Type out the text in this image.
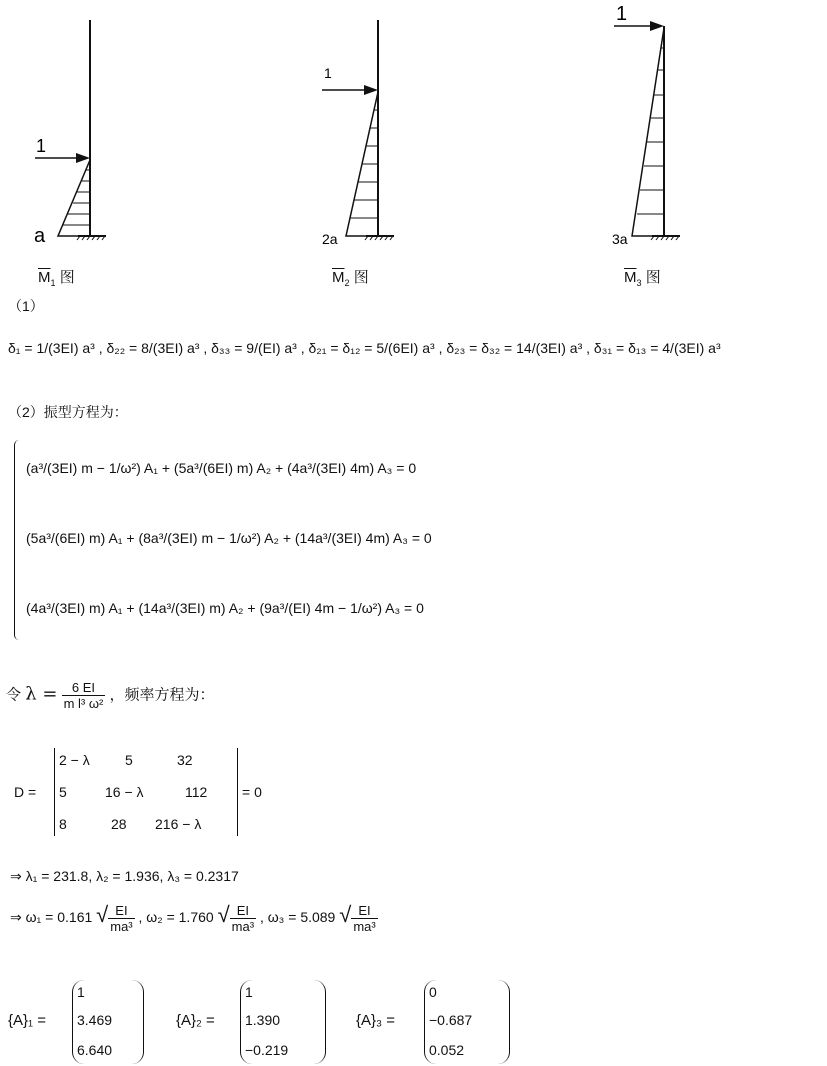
1
a
1
2a
1
3a
$\overline{M}_1$ 图	$\overline{M}_2$ 图	$\overline{M}_3$ 图
（1）
δ₁ = 1/(3EI) a³ , δ₂₂ = 8/(3EI) a³ , δ₃₃ = 9/(EI) a³ , δ₂₁ = δ₁₂ = 5/(6EI) a³ , δ₂₃ = δ₃₂ = 14/(3EI) a³ , δ₃₁ = δ₁₃ = 4/(3EI) a³
（2）振型方程为：
(a³/(3EI) m − 1/ω²) A₁ + (5a³/(6EI) m) A₂ + (4a³/(3EI) 4m) A₃ = 0
(5a³/(6EI) m) A₁ + (8a³/(3EI) m − 1/ω²) A₂ + (14a³/(3EI) 4m) A₃ = 0
(4a³/(3EI) m) A₁ + (14a³/(3EI) m) A₂ + (9a³/(EI) 4m − 1/ω²) A₃ = 0
令 $\lambda = \frac{6 EI}{\text{m l³ ω²}}$ ，频率方程为：
D =
2 − λ	5	32
5	16 − λ	112
8	28 216 − λ
= 0
⇒ λ₁ = 231.8, λ₂ = 1.936, λ₃ = 0.2317
⇒ ω₁ = 0.161 √ $\frac{EI}{\text{ma³}}$ , ω₂ = 1.760 √ $\frac{EI}{\text{ma³}}$ , ω₃ = 5.089 √ $\frac{EI}{\text{ma³}}$
{A}₁ =
1
3.469
6.640
{A}₂ =
1
1.390
−0.219
{A}₃ =
0
−0.687
0.052
